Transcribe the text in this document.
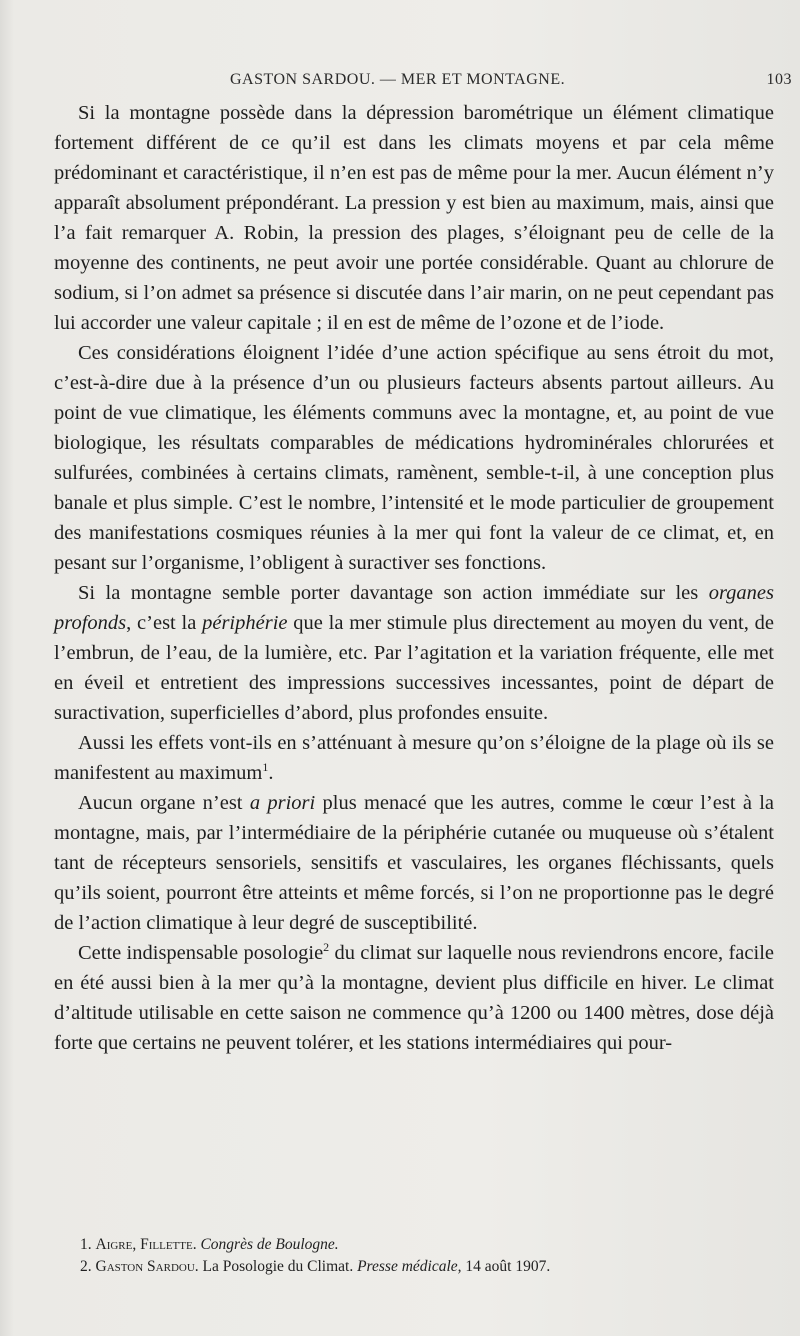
GASTON SARDOU. — MER ET MONTAGNE.	103

Si la montagne possède dans la dépression barométrique un élément climatique fortement différent de ce qu’il est dans les climats moyens et par cela même prédominant et caractéristique, il n’en est pas de même pour la mer. Aucun élément n’y apparaît absolument prépondérant. La pression y est bien au maximum, mais, ainsi que l’a fait remarquer A. Robin, la pression des plages, s’éloignant peu de celle de la moyenne des continents, ne peut avoir une portée considérable. Quant au chlorure de sodium, si l’on admet sa présence si discutée dans l’air marin, on ne peut cependant pas lui accorder une valeur capitale ; il en est de même de l’ozone et de l’iode.

Ces considérations éloignent l’idée d’une action spécifique au sens étroit du mot, c’est-à-dire due à la présence d’un ou plusieurs facteurs absents partout ailleurs. Au point de vue climatique, les éléments communs avec la montagne, et, au point de vue biologique, les résultats comparables de médications hydrominérales chlorurées et sulfurées, combinées à certains climats, ramènent, semble-t-il, à une conception plus banale et plus simple. C’est le nombre, l’intensité et le mode particulier de groupement des manifestations cosmiques réunies à la mer qui font la valeur de ce climat, et, en pesant sur l’organisme, l’obligent à suractiver ses fonctions.

Si la montagne semble porter davantage son action immédiate sur les organes profonds, c’est la périphérie que la mer stimule plus directement au moyen du vent, de l’embrun, de l’eau, de la lumière, etc. Par l’agitation et la variation fréquente, elle met en éveil et entretient des impressions successives incessantes, point de départ de suractivation, superficielles d’abord, plus profondes ensuite.

Aussi les effets vont-ils en s’atténuant à mesure qu’on s’éloigne de la plage où ils se manifestent au maximum$^1$.

Aucun organe n’est a priori plus menacé que les autres, comme le cœur l’est à la montagne, mais, par l’intermédiaire de la périphérie cutanée ou muqueuse où s’étalent tant de récepteurs sensoriels, sensitifs et vasculaires, les organes fléchissants, quels qu’ils soient, pourront être atteints et même forcés, si l’on ne proportionne pas le degré de l’action climatique à leur degré de susceptibilité.

Cette indispensable posologie$^2$ du climat sur laquelle nous reviendrons encore, facile en été aussi bien à la mer qu’à la montagne, devient plus difficile en hiver. Le climat d’altitude utilisable en cette saison ne commence qu’à 1200 ou 1400 mètres, dose déjà forte que certains ne peuvent tolérer, et les stations intermédiaires qui pour-

1. Aigre, Fillette. Congrès de Boulogne.

2. Gaston Sardou. La Posologie du Climat. Presse médicale, 14 août 1907.
